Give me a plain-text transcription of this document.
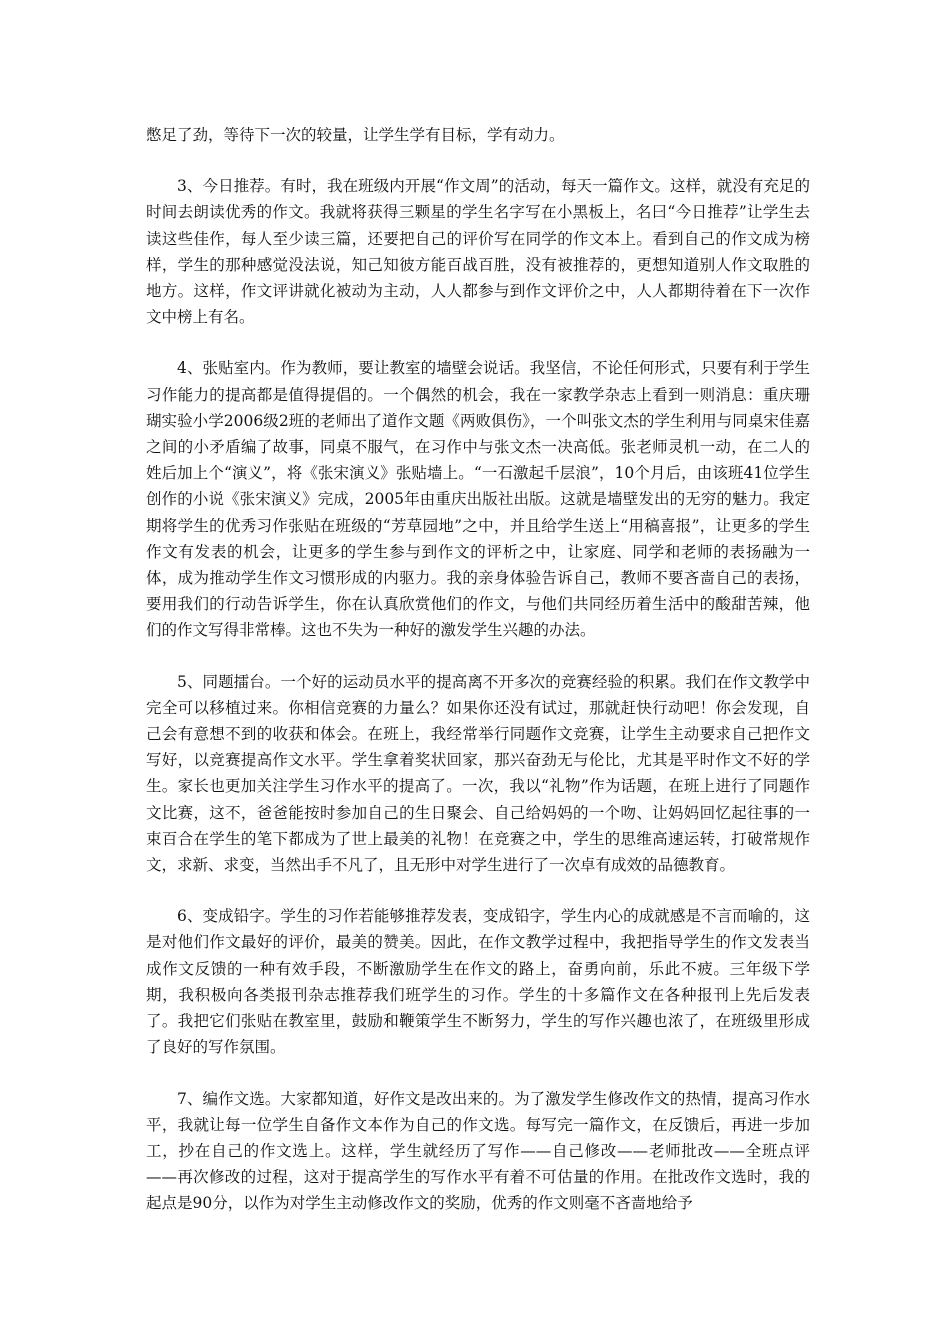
憋足了劲，等待下一次的较量，让学生学有目标，学有动力。

3、今日推荐。有时，我在班级内开展“作文周”的活动，每天一篇作文。这样，就没有充足的时间去朗读优秀的作文。我就将获得三颗星的学生名字写在小黑板上，名曰“今日推荐”让学生去读这些佳作，每人至少读三篇，还要把自己的评价写在同学的作文本上。看到自己的作文成为榜样，学生的那种感觉没法说，知己知彼方能百战百胜，没有被推荐的，更想知道别人作文取胜的地方。这样，作文评讲就化被动为主动，人人都参与到作文评价之中，人人都期待着在下一次作文中榜上有名。

4、张贴室内。作为教师，要让教室的墙壁会说话。我坚信，不论任何形式，只要有利于学生习作能力的提高都是值得提倡的。一个偶然的机会，我在一家教学杂志上看到一则消息：重庆珊瑚实验小学2006级2班的老师出了道作文题《两败俱伤》，一个叫张文杰的学生利用与同桌宋佳嘉之间的小矛盾编了故事，同桌不服气，在习作中与张文杰一决高低。张老师灵机一动，在二人的姓后加上个“演义”，将《张宋演义》张贴墙上。“一石激起千层浪”，10个月后，由该班41位学生创作的小说《张宋演义》完成，2005年由重庆出版社出版。这就是墙壁发出的无穷的魅力。我定期将学生的优秀习作张贴在班级的“芳草园地”之中，并且给学生送上“用稿喜报”，让更多的学生作文有发表的机会，让更多的学生参与到作文的评析之中，让家庭、同学和老师的表扬融为一体，成为推动学生作文习惯形成的内驱力。我的亲身体验告诉自己，教师不要吝啬自己的表扬，要用我们的行动告诉学生，你在认真欣赏他们的作文，与他们共同经历着生活中的酸甜苦辣，他们的作文写得非常棒。这也不失为一种好的激发学生兴趣的办法。

5、同题擂台。一个好的运动员水平的提高离不开多次的竞赛经验的积累。我们在作文教学中完全可以移植过来。你相信竞赛的力量么？如果你还没有试过，那就赶快行动吧！你会发现，自己会有意想不到的收获和体会。在班上，我经常举行同题作文竞赛，让学生主动要求自己把作文写好，以竞赛提高作文水平。学生拿着奖状回家，那兴奋劲无与伦比，尤其是平时作文不好的学生。家长也更加关注学生习作水平的提高了。一次，我以“礼物”作为话题，在班上进行了同题作文比赛，这不，爸爸能按时参加自己的生日聚会、自己给妈妈的一个吻、让妈妈回忆起往事的一束百合在学生的笔下都成为了世上最美的礼物！在竞赛之中，学生的思维高速运转，打破常规作文，求新、求变，当然出手不凡了，且无形中对学生进行了一次卓有成效的品德教育。

6、变成铅字。学生的习作若能够推荐发表，变成铅字，学生内心的成就感是不言而喻的，这是对他们作文最好的评价，最美的赞美。因此，在作文教学过程中，我把指导学生的作文发表当成作文反馈的一种有效手段，不断激励学生在作文的路上，奋勇向前，乐此不疲。三年级下学期，我积极向各类报刊杂志推荐我们班学生的习作。学生的十多篇作文在各种报刊上先后发表了。我把它们张贴在教室里，鼓励和鞭策学生不断努力，学生的写作兴趣也浓了，在班级里形成了良好的写作氛围。

7、编作文选。大家都知道，好作文是改出来的。为了激发学生修改作文的热情，提高习作水平，我就让每一位学生自备作文本作为自己的作文选。每写完一篇作文，在反馈后，再进一步加工，抄在自己的作文选上。这样，学生就经历了写作——自己修改——老师批改——全班点评——再次修改的过程，这对于提高学生的写作水平有着不可估量的作用。在批改作文选时，我的起点是90分，以作为对学生主动修改作文的奖励，优秀的作文则毫不吝啬地给予
